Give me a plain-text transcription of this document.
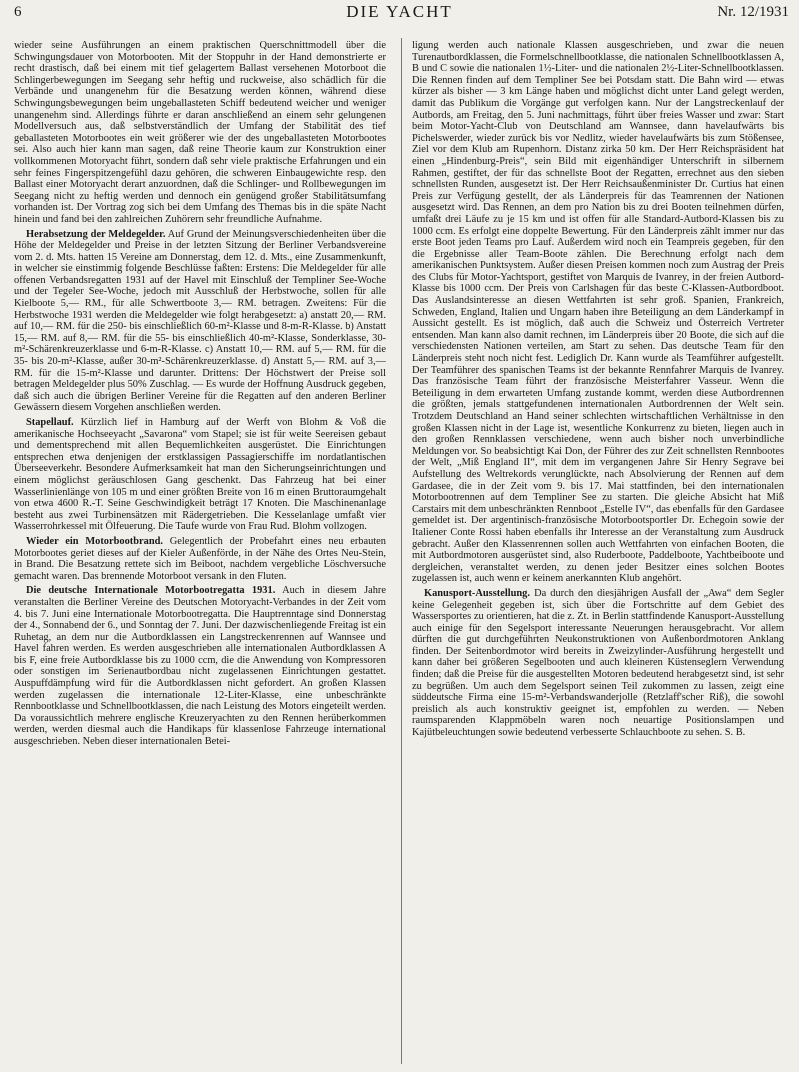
6	DIE YACHT	Nr. 12/1931

wieder seine Ausführungen an einem praktischen Querschnittmodell über die Schwingungsdauer von Motorbooten. Mit der Stoppuhr in der Hand demonstrierte er recht drastisch, daß bei einem mit tief gelagertem Ballast versehenen Motorboot die Schlingerbewegungen im Seegang sehr heftig und ruckweise, also schädlich für die Verbände und unangenehm für die Besatzung werden können, während diese Schwingungsbewegungen beim ungeballasteten Schiff bedeutend weicher und weniger unangenehm sind. Allerdings führte er daran anschließend an einem sehr gelungenen Modellversuch aus, daß selbstverständlich der Umfang der Stabilität des tief geballasteten Motorbootes ein weit größerer wie der des ungeballasteten Motorbootes sei. Also auch hier kann man sagen, daß reine Theorie kaum zur Konstruktion einer vollkommenen Motoryacht führt, sondern daß sehr viele praktische Erfahrungen und ein sehr feines Fingerspitzengefühl dazu gehören, die schweren Einbaugewichte resp. den Ballast einer Motoryacht derart anzuordnen, daß die Schlinger- und Rollbewegungen im Seegang nicht zu heftig werden und dennoch ein genügend großer Stabilitätsumfang vorhanden ist. Der Vortrag zog sich bei dem Umfang des Themas bis in die späte Nacht hinein und fand bei den zahlreichen Zuhörern sehr freundliche Aufnahme.

Herabsetzung der Meldegelder. Auf Grund der Meinungsverschiedenheiten über die Höhe der Meldegelder und Preise in der letzten Sitzung der Berliner Verbandsvereine vom 2. d. Mts. hatten 15 Vereine am Donnerstag, dem 12. d. Mts., eine Zusammenkunft, in welcher sie einstimmig folgende Beschlüsse faßten: Erstens: Die Meldegelder für alle offenen Verbandsregatten 1931 auf der Havel mit Einschluß der Templiner See-Woche und der Tegeler See-Woche, jedoch mit Ausschluß der Herbstwoche, sollen für alle Kielboote 5,— RM., für alle Schwertboote 3,— RM. betragen. Zweitens: Für die Herbstwoche 1931 werden die Meldegelder wie folgt herabgesetzt: a) anstatt 20,— RM. auf 10,— RM. für die 250- bis einschließlich 60-m²-Klasse und 8-m-R-Klasse. b) Anstatt 15,— RM. auf 8,— RM. für die 55- bis einschließlich 40-m²-Klasse, Sonderklasse, 30-m²-Schärenkreuzerklasse und 6-m-R-Klasse. c) Anstatt 10,— RM. auf 5,— RM. für die 35- bis 20-m²-Klasse, außer 30-m²-Schärenkreuzerklasse. d) Anstatt 5,— RM. auf 3,— RM. für die 15-m²-Klasse und darunter. Drittens: Der Höchstwert der Preise soll betragen Meldegelder plus 50% Zuschlag. — Es wurde der Hoffnung Ausdruck gegeben, daß sich auch die übrigen Berliner Vereine für die Regatten auf den anderen Berliner Gewässern diesem Vorgehen anschließen werden.

Stapellauf. Kürzlich lief in Hamburg auf der Werft von Blohm & Voß die amerikanische Hochseeyacht „Savarona“ vom Stapel; sie ist für weite Seereisen gebaut und dementsprechend mit allen Bequemlichkeiten ausgerüstet. Die Einrichtungen entsprechen etwa denjenigen der erstklassigen Passagierschiffe im nordatlantischen Überseeverkehr. Besondere Aufmerksamkeit hat man den Sicherungseinrichtungen und einem möglichst geräuschlosen Gang geschenkt. Das Fahrzeug hat bei einer Wasserlinienlänge von 105 m und einer größten Breite von 16 m einen Bruttoraumgehalt von etwa 4600 R.-T. Seine Geschwindigkeit beträgt 17 Knoten. Die Maschinenanlage besteht aus zwei Turbinensätzen mit Rädergetrieben. Die Kesselanlage umfaßt vier Wasserrohrkessel mit Ölfeuerung. Die Taufe wurde von Frau Rud. Blohm vollzogen.

Wieder ein Motorbootbrand. Gelegentlich der Probefahrt eines neu erbauten Motorbootes geriet dieses auf der Kieler Außenförde, in der Nähe des Ortes Neu-Stein, in Brand. Die Besatzung rettete sich im Beiboot, nachdem vergebliche Löschversuche gemacht waren. Das brennende Motorboot versank in den Fluten.

Die deutsche Internationale Motorbootregatta 1931. Auch in diesem Jahre veranstalten die Berliner Vereine des Deutschen Motoryacht-Verbandes in der Zeit vom 4. bis 7. Juni eine Internationale Motorbootregatta. Die Hauptrenntage sind Donnerstag der 4., Sonnabend der 6., und Sonntag der 7. Juni. Der dazwischenliegende Freitag ist ein Ruhetag, an dem nur die Autbordklassen ein Langstreckenrennen auf Wannsee und Havel fahren werden. Es werden ausgeschrieben alle internationalen Autbordklassen A bis F, eine freie Autbordklasse bis zu 1000 ccm, die die Anwendung von Kompressoren oder sonstigen im Serienautbordbau nicht zugelassenen Einrichtungen gestattet. Auspuffdämpfung wird für die Autbordklassen nicht gefordert. An großen Klassen werden zugelassen die internationale 12-Liter-Klasse, eine unbeschränkte Rennbootklasse und Schnellbootklassen, die nach Leistung des Motors eingeteilt werden. Da voraussichtlich mehrere englische Kreuzeryachten zu den Rennen herüberkommen werden, werden diesmal auch die Handikaps für klassenlose Fahrzeuge international ausgeschrieben. Neben dieser internationalen Betei-

ligung werden auch nationale Klassen ausgeschrieben, und zwar die neuen Turenautbordklassen, die Formelschnellbootklasse, die nationalen Schnellbootklassen A, B und C sowie die nationalen 1½-Liter- und die nationalen 2½-Liter-Schnellbootklassen. Die Rennen finden auf dem Templiner See bei Potsdam statt. Die Bahn wird — etwas kürzer als bisher — 3 km Länge haben und möglichst dicht unter Land gelegt werden, damit das Publikum die Vorgänge gut verfolgen kann. Nur der Langstreckenlauf der Autbords, am Freitag, den 5. Juni nachmittags, führt über freies Wasser und zwar: Start beim Motor-Yacht-Club von Deutschland am Wannsee, dann havelaufwärts bis Pichelswerder, wieder zurück bis vor Nedlitz, wieder havelaufwärts bis zum Stößensee, Ziel vor dem Klub am Rupenhorn. Distanz zirka 50 km. Der Herr Reichspräsident hat einen „Hindenburg-Preis“, sein Bild mit eigenhändiger Unterschrift in silbernem Rahmen, gestiftet, der für das schnellste Boot der Regatten, errechnet aus den sieben schnellsten Runden, ausgesetzt ist. Der Herr Reichsaußenminister Dr. Curtius hat einen Preis zur Verfügung gestellt, der als Länderpreis für das Teamrennen der Nationen ausgesetzt wird. Das Rennen, an dem pro Nation bis zu drei Booten teilnehmen dürfen, umfaßt drei Läufe zu je 15 km und ist offen für alle Standard-Autbord-Klassen bis zu 1000 ccm. Es erfolgt eine doppelte Bewertung. Für den Länderpreis zählt immer nur das erste Boot jeden Teams pro Lauf. Außerdem wird noch ein Teampreis gegeben, für den die Ergebnisse aller Team-Boote zählen. Die Berechnung erfolgt nach dem amerikanischen Punktsystem. Außer diesen Preisen kommen noch zum Austrag der Preis des Clubs für Motor-Yachtsport, gestiftet von Marquis de Ivanrey, in der freien Autbord-Klasse bis 1000 ccm. Der Preis von Carlshagen für das beste C-Klassen-Autbordboot. Das Auslandsinteresse an diesen Wettfahrten ist sehr groß. Spanien, Frankreich, Schweden, England, Italien und Ungarn haben ihre Beteiligung an dem Länderkampf in Aussicht gestellt. Es ist möglich, daß auch die Schweiz und Österreich Vertreter entsenden. Man kann also damit rechnen, im Länderpreis über 20 Boote, die sich auf die verschiedensten Nationen verteilen, am Start zu sehen. Das deutsche Team für den Länderpreis steht noch nicht fest. Lediglich Dr. Kann wurde als Teamführer aufgestellt. Der Teamführer des spanischen Teams ist der bekannte Rennfahrer Marquis de Ivanrey. Das französische Team führt der französische Meisterfahrer Vasseur. Wenn die Beteiligung in dem erwarteten Umfang zustande kommt, werden diese Autbordrennen die größten, jemals stattgefundenen internationalen Autbordrennen der Welt sein. Trotzdem Deutschland an Hand seiner schlechten wirtschaftlichen Verhältnisse in den großen Klassen nicht in der Lage ist, wesentliche Konkurrenz zu bieten, liegen auch in den großen Rennklassen verschiedene, wenn auch bisher noch unverbindliche Meldungen vor. So beabsichtigt Kai Don, der Führer des zur Zeit schnellsten Rennbootes der Welt, „Miß England II“, mit dem im vergangenen Jahre Sir Henry Segrave bei Aufstellung des Weltrekords verunglückte, nach Absolvierung der Rennen auf dem Gardasee, die in der Zeit vom 9. bis 17. Mai stattfinden, bei den internationalen Motorbootrennen auf dem Templiner See zu starten. Die gleiche Absicht hat Miß Carstairs mit dem unbeschränkten Rennboot „Estelle IV“, das ebenfalls für den Gardasee gemeldet ist. Der argentinisch-französische Motorbootsportler Dr. Echegoin sowie der Italiener Conte Rossi haben ebenfalls ihr Interesse an der Veranstaltung zum Ausdruck gebracht. Außer den Klassenrennen sollen auch Wettfahrten von einfachen Booten, die mit Autbordmotoren ausgerüstet sind, also Ruderboote, Paddelboote, Yachtbeiboote und dergleichen, veranstaltet werden, zu denen jeder Besitzer eines solchen Bootes zugelassen ist, auch wenn er keinem anerkannten Klub angehört.

Kanusport-Ausstellung. Da durch den diesjährigen Ausfall der „Awa“ dem Segler keine Gelegenheit gegeben ist, sich über die Fortschritte auf dem Gebiet des Wassersportes zu orientieren, hat die z. Zt. in Berlin stattfindende Kanusport-Ausstellung auch einige für den Segelsport interessante Neuerungen herausgebracht. Vor allem dürften die gut durchgeführten Neukonstruktionen von Außenbordmotoren Anklang finden. Der Seitenbordmotor wird bereits in Zweizylinder-Ausführung hergestellt und kann daher bei größeren Segelbooten und auch kleineren Küstenseglern Verwendung finden; daß die Preise für die ausgestellten Motoren bedeutend herabgesetzt sind, ist sehr zu begrüßen. Um auch dem Segelsport seinen Teil zukommen zu lassen, zeigt eine süddeutsche Firma eine 15-m²-Verbandswanderjolle (Retzlaff'scher Riß), die sowohl preislich als auch konstruktiv geeignet ist, empfohlen zu werden. — Neben raumsparenden Klappmöbeln waren noch neuartige Positionslampen und Kajütbeleuchtungen sowie bedeutend verbesserte Schlauchboote zu sehen. S. B.
